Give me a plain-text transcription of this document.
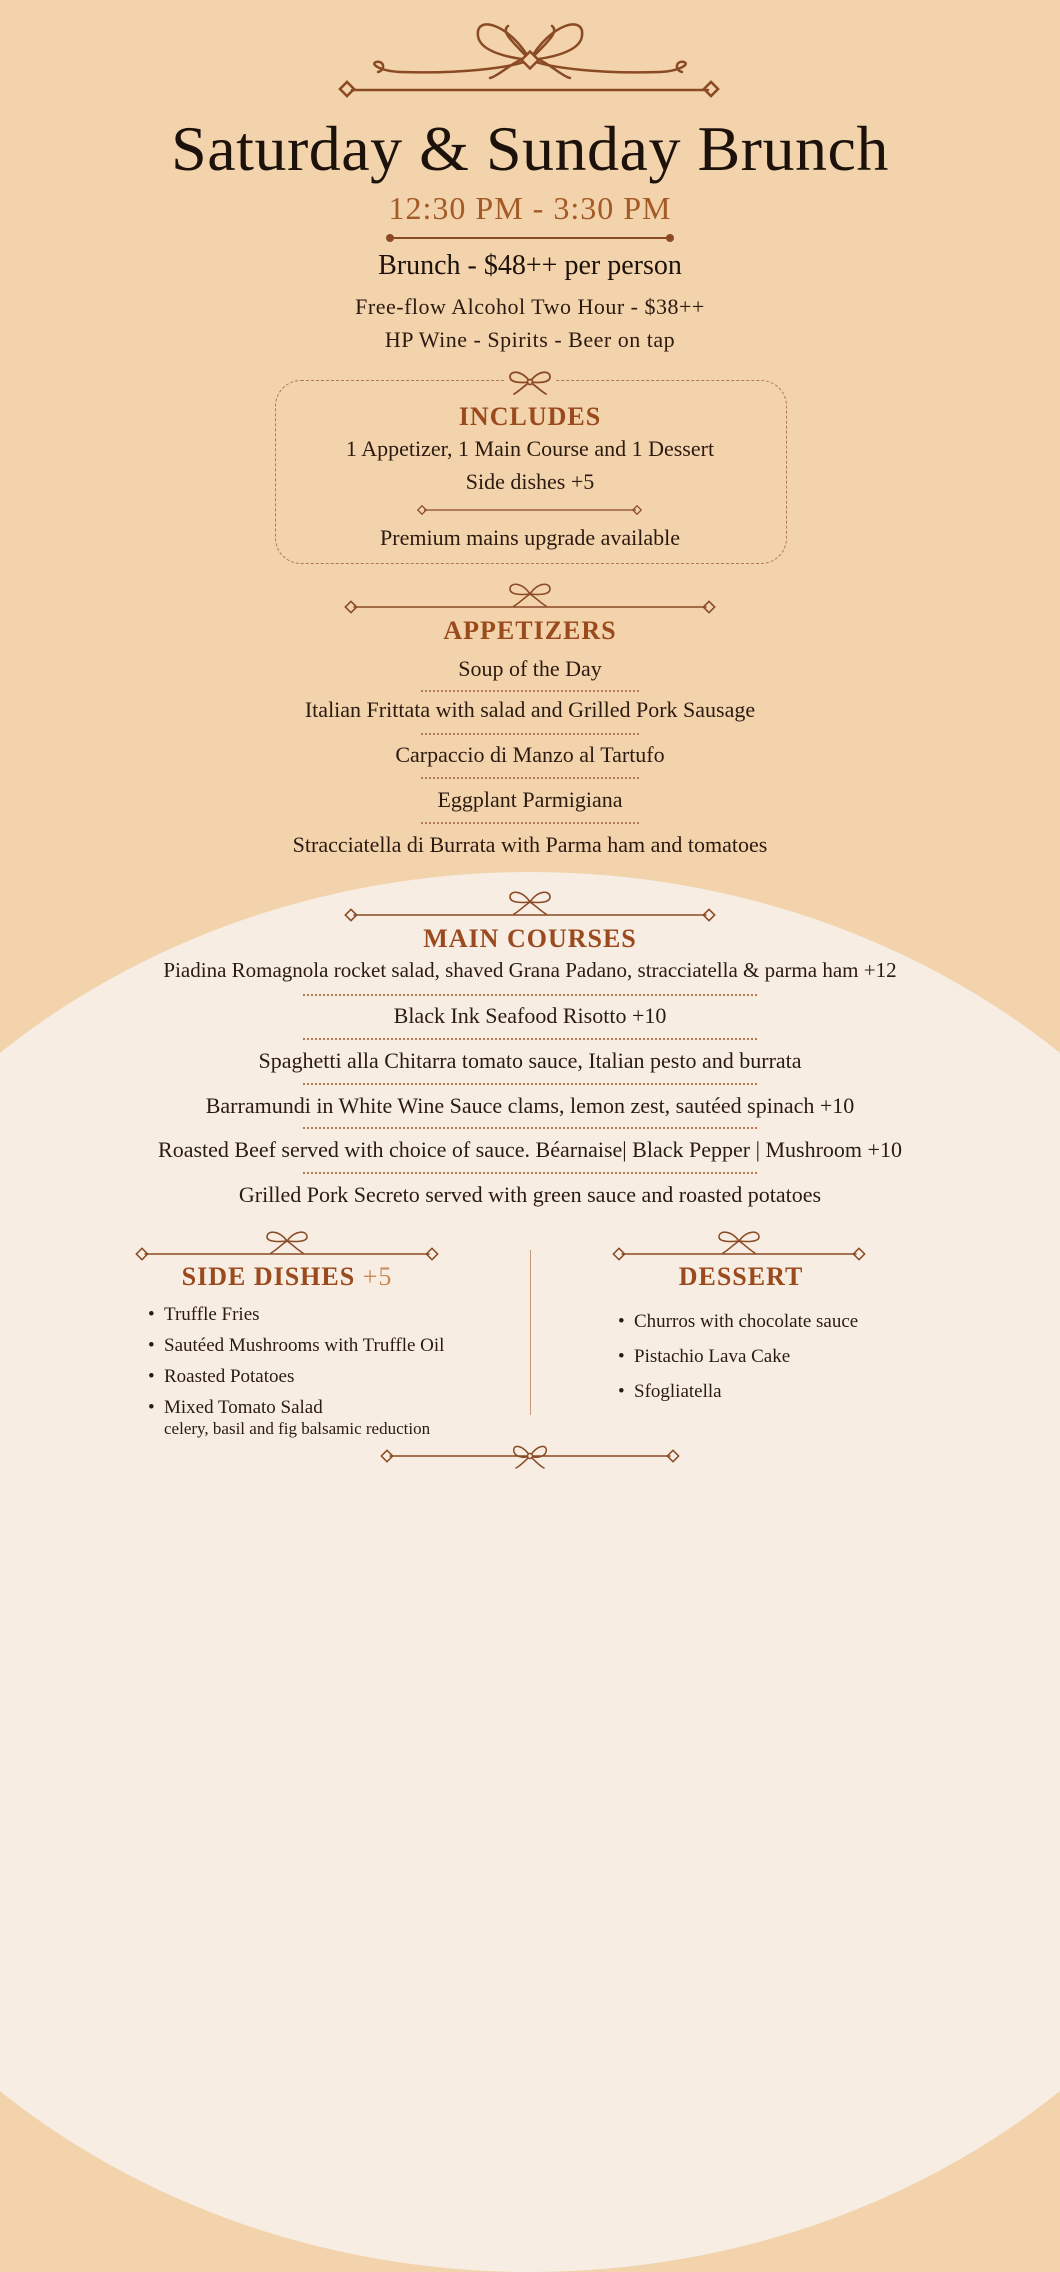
Saturday & Sunday Brunch
12:30 PM - 3:30 PM
Brunch - $48++ per person
Free-flow Alcohol Two Hour - $38++
HP Wine - Spirits - Beer on tap
INCLUDES
1 Appetizer, 1 Main Course and 1 Dessert
Side dishes +5
Premium mains upgrade available
APPETIZERS
Soup of the Day
Italian Frittata with salad and Grilled Pork Sausage
Carpaccio di Manzo al Tartufo
Eggplant Parmigiana
Stracciatella di Burrata with Parma ham and tomatoes
MAIN COURSES
Piadina Romagnola rocket salad, shaved Grana Padano, stracciatella & parma ham +12
Black Ink Seafood Risotto +10
Spaghetti alla Chitarra tomato sauce, Italian pesto and burrata
Barramundi in White Wine Sauce clams, lemon zest, sautéed spinach +10
Roasted Beef served with choice of sauce. Béarnaise| Black Pepper | Mushroom +10
Grilled Pork Secreto served with green sauce and roasted potatoes
SIDE DISHES +5
• Truffle Fries
• Sautéed Mushrooms with Truffle Oil
• Roasted Potatoes
• Mixed Tomato Salad
celery, basil and fig balsamic reduction
DESSERT
• Churros with chocolate sauce
• Pistachio Lava Cake
• Sfogliatella
